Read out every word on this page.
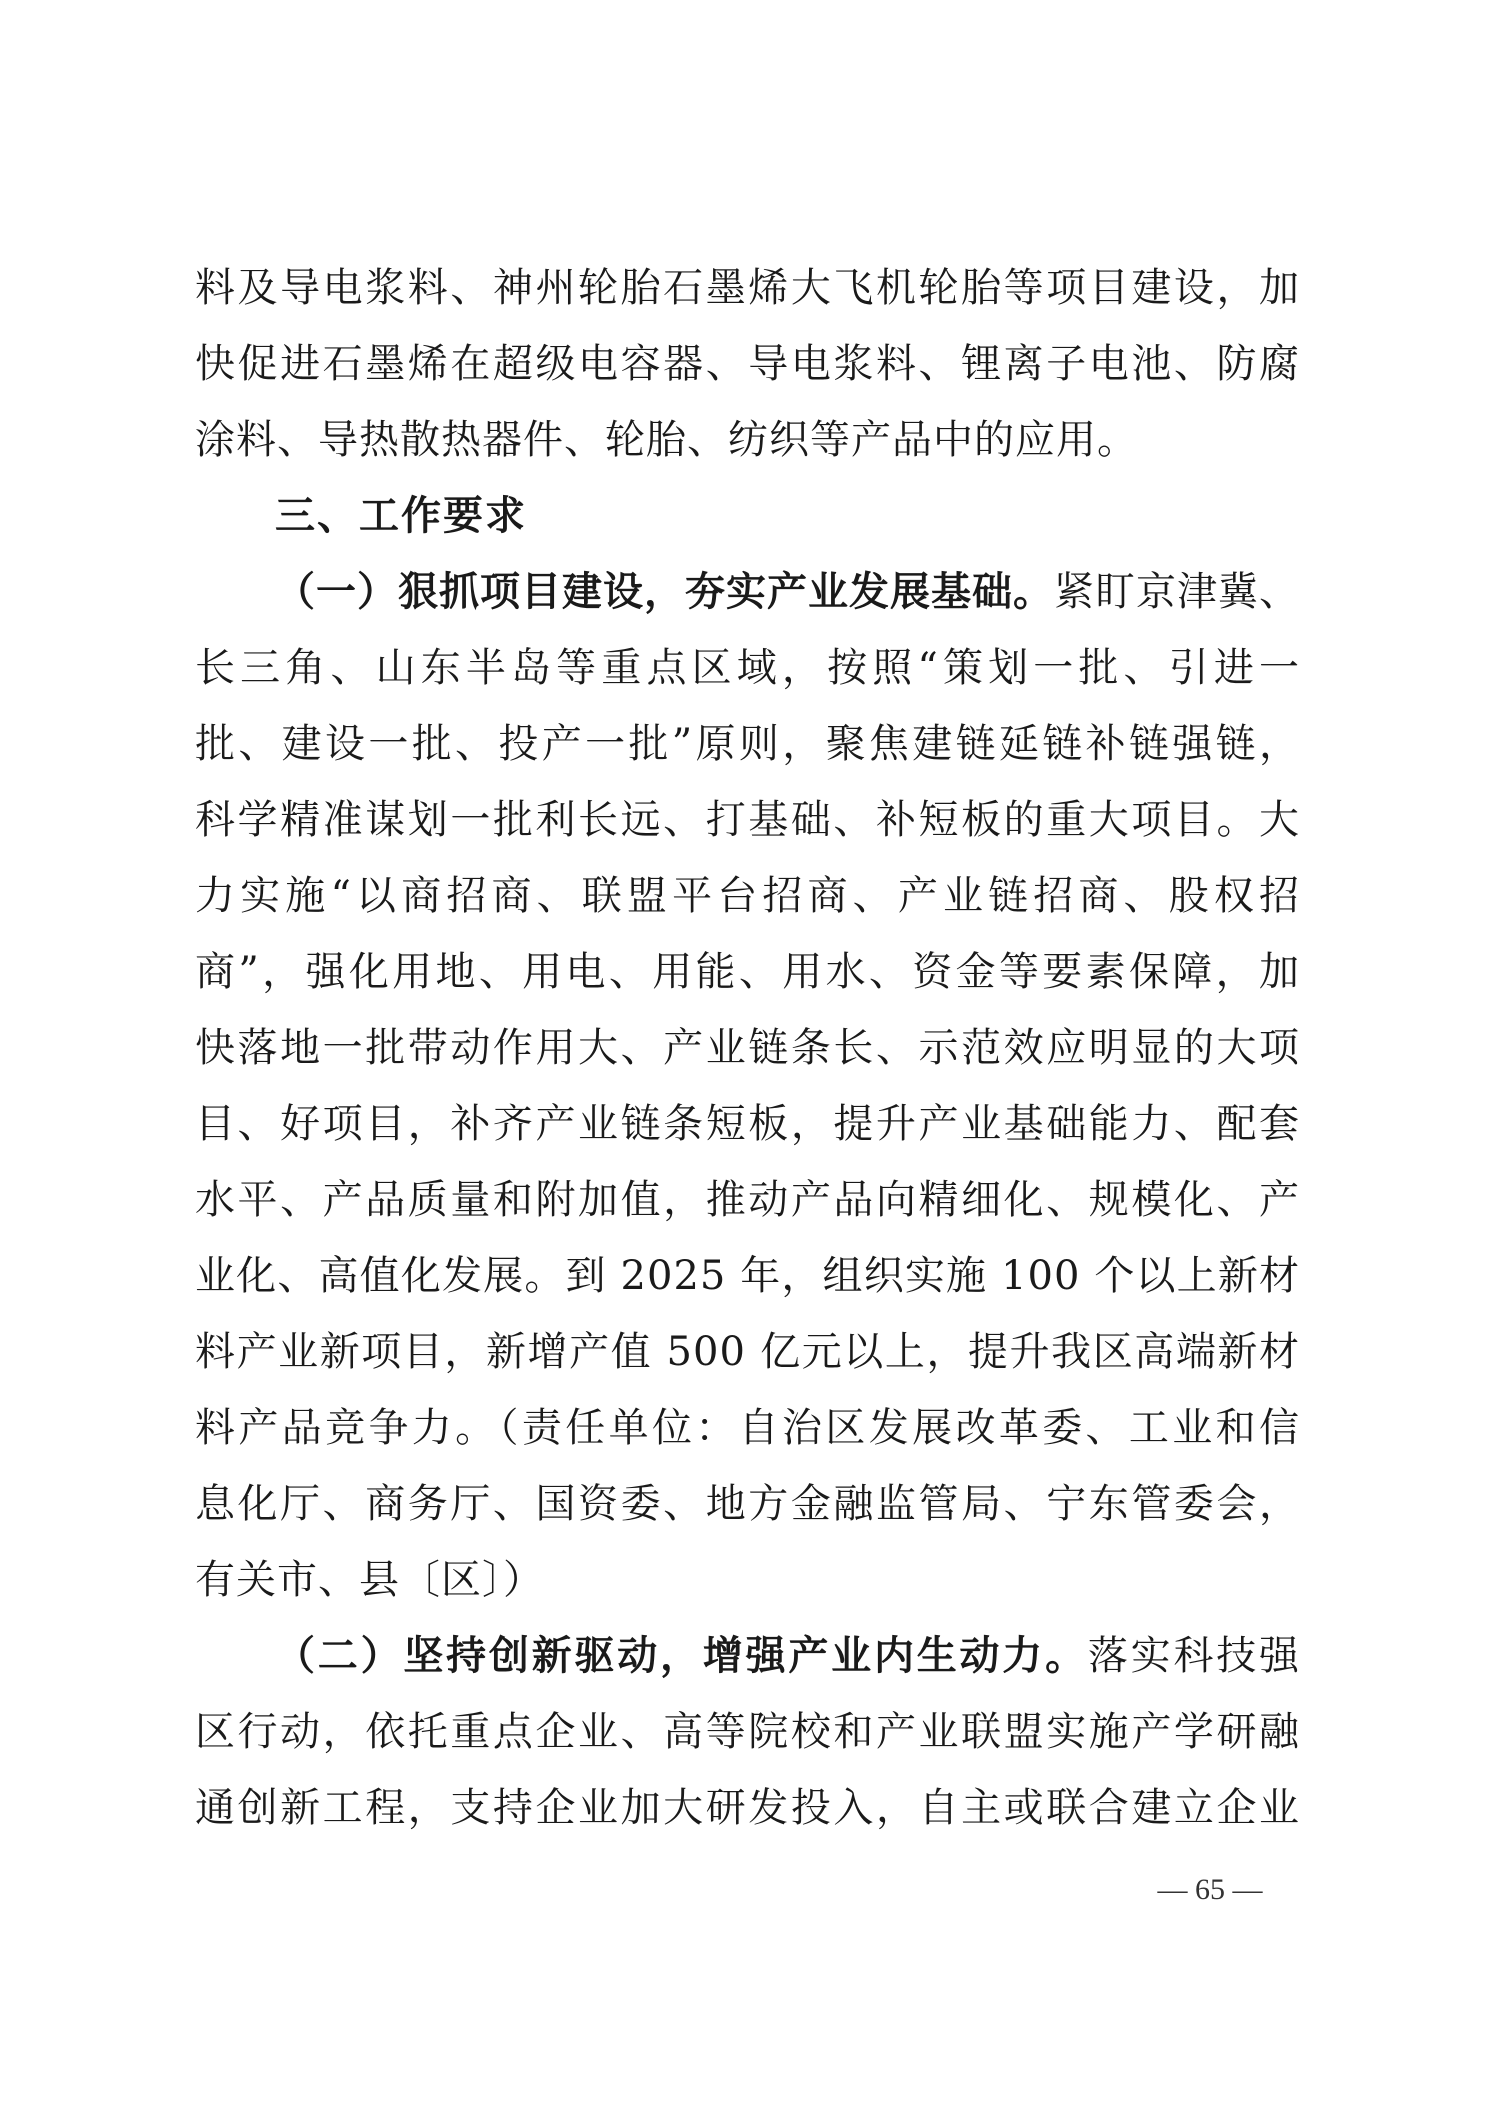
料及导电浆料、神州轮胎石墨烯大飞机轮胎等项目建设，加
快促进石墨烯在超级电容器、导电浆料、锂离子电池、防腐
涂料、导热散热器件、轮胎、纺织等产品中的应用。
三、工作要求
（一）狠抓项目建设，夯实产业发展基础。紧盯京津冀、
长三角、山东半岛等重点区域，按照“策划一批、引进一
批、建设一批、投产一批”原则，聚焦建链延链补链强链，
科学精准谋划一批利长远、打基础、补短板的重大项目。大
力实施“以商招商、联盟平台招商、产业链招商、股权招
商”，强化用地、用电、用能、用水、资金等要素保障，加
快落地一批带动作用大、产业链条长、示范效应明显的大项
目、好项目，补齐产业链条短板，提升产业基础能力、配套
水平、产品质量和附加值，推动产品向精细化、规模化、产
业化、高值化发展。到 2025 年，组织实施 100 个以上新材
料产业新项目，新增产值 500 亿元以上，提升我区高端新材
料产品竞争力。（责任单位：自治区发展改革委、工业和信
息化厅、商务厅、国资委、地方金融监管局、宁东管委会，
有关市、县〔区〕）
（二）坚持创新驱动，增强产业内生动力。落实科技强
区行动，依托重点企业、高等院校和产业联盟实施产学研融
通创新工程，支持企业加大研发投入，自主或联合建立企业
— 65 —
